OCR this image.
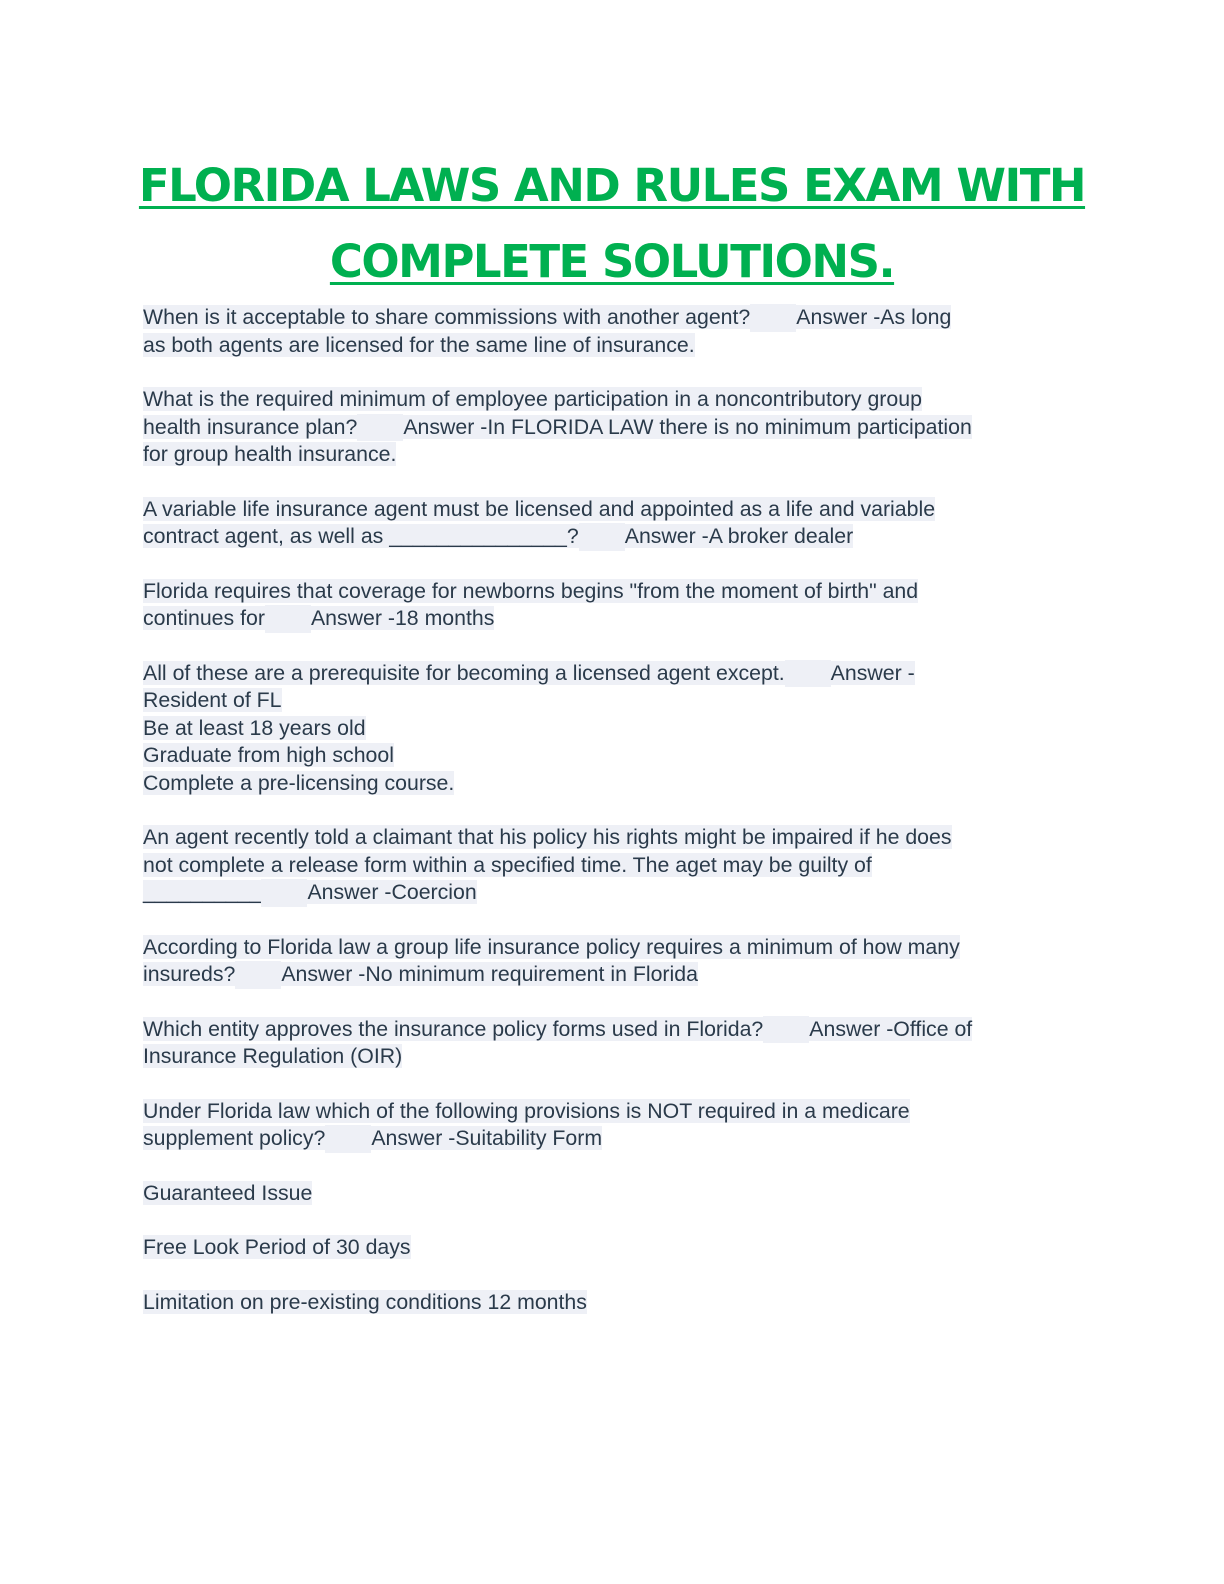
FLORIDA LAWS AND RULES EXAM WITH
COMPLETE SOLUTIONS.
When is it acceptable to share commissions with another agent? Answer -As long
as both agents are licensed for the same line of insurance.
What is the required minimum of employee participation in a noncontributory group
health insurance plan? Answer -In FLORIDA LAW there is no minimum participation
for group health insurance.
A variable life insurance agent must be licensed and appointed as a life and variable
contract agent, as well as _______________? Answer -A broker dealer
Florida requires that coverage for newborns begins "from the moment of birth" and
continues for Answer -18 months
All of these are a prerequisite for becoming a licensed agent except. Answer -
Resident of FL
Be at least 18 years old
Graduate from high school
Complete a pre-licensing course.
An agent recently told a claimant that his policy his rights might be impaired if he does
not complete a release form within a specified time. The aget may be guilty of
__________ Answer -Coercion
According to Florida law a group life insurance policy requires a minimum of how many
insureds? Answer -No minimum requirement in Florida
Which entity approves the insurance policy forms used in Florida? Answer -Office of
Insurance Regulation (OIR)
Under Florida law which of the following provisions is NOT required in a medicare
supplement policy? Answer -Suitability Form
Guaranteed Issue
Free Look Period of 30 days
Limitation on pre-existing conditions 12 months
